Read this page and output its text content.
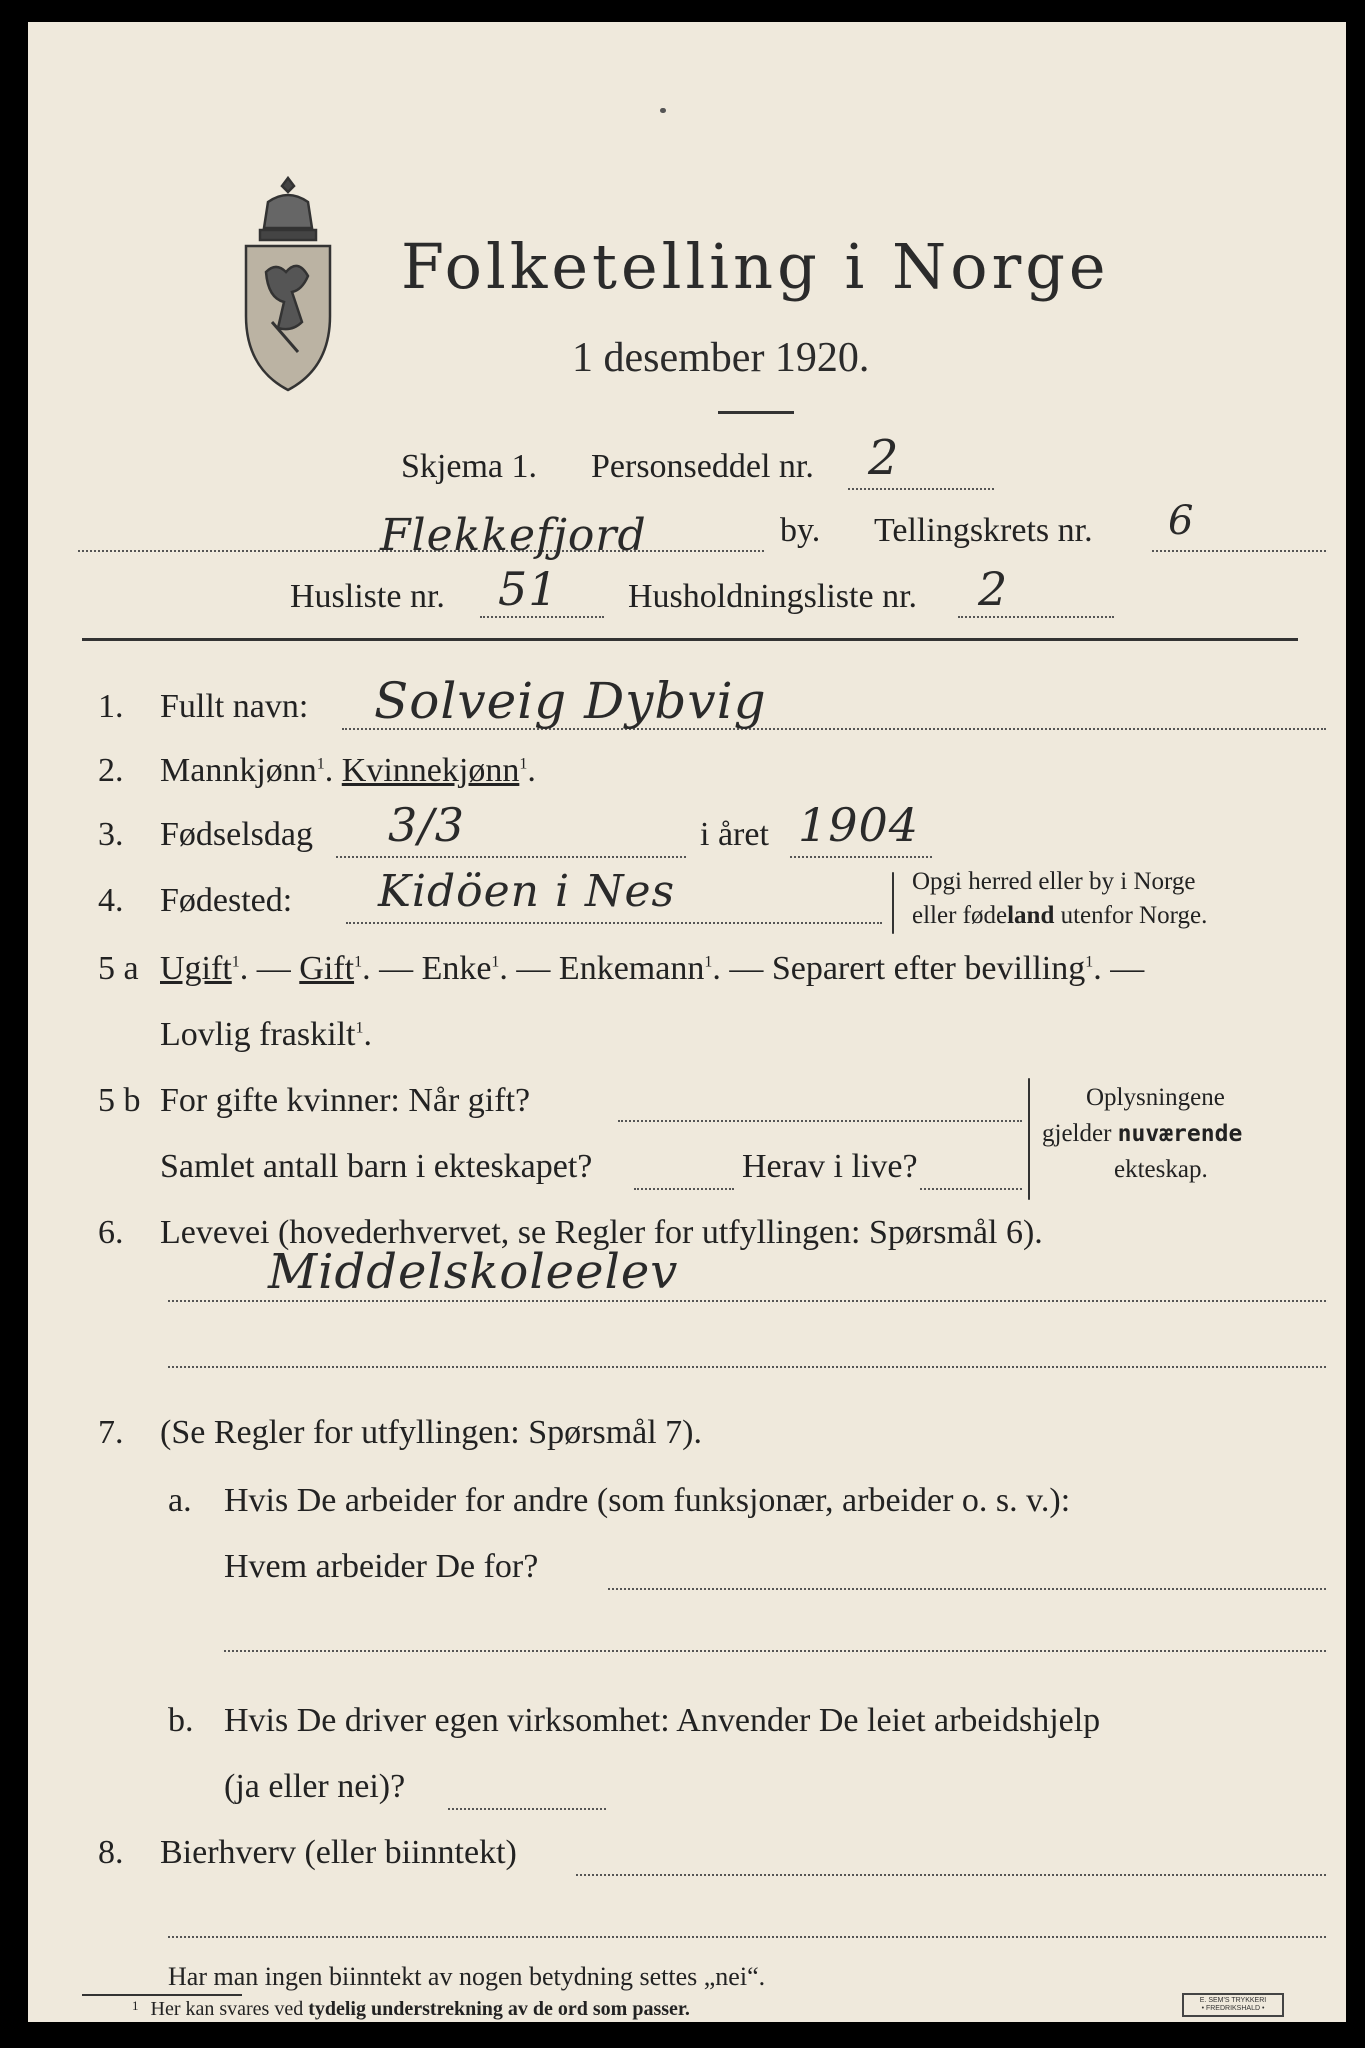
Folketelling i Norge
1 desember 1920.
Skjema 1. Personseddel nr. 2
Flekkefjord	by. Tellingskrets nr. 6
Husliste nr. 51 Husholdningsliste nr. 2
1. Fullt navn: Solveig Dybvig
2. Mannkjønn$^1$. Kvinnekjønn$^1$.
3. Fødselsdag 3/3	i året 1904
4. Fødested: Kidöen i Nes	Opgi herred eller by i Norge
eller fødeland utenfor Norge.
5 a Ugift$^1$. — Gift$^1$. — Enke$^1$. — Enkemann$^1$. — Separert efter bevilling$^1$. —
Lovlig fraskilt$^1$.
5 b For gifte kvinner: Når gift?
Samlet antall barn i ekteskapet?	Herav i live?
Oplysningene
gjelder nuværende
ekteskap.
6. Levevei (hovederhvervet, se Regler for utfyllingen: Spørsmål 6).
Middelskoleelev
7. (Se Regler for utfyllingen: Spørsmål 7).
a. Hvis De arbeider for andre (som funksjonær, arbeider o. s. v.):
Hvem arbeider De for?
b. Hvis De driver egen virksomhet: Anvender De leiet arbeidshjelp
(ja eller nei)?
8. Bierhverv (eller biinntekt)
Har man ingen biinntekt av nogen betydning settes „nei“.
$^1$ Her kan svares ved tydelig understrekning av de ord som passer.	E. SEM'S TRYKKERI
• FREDRIKSHALD •
